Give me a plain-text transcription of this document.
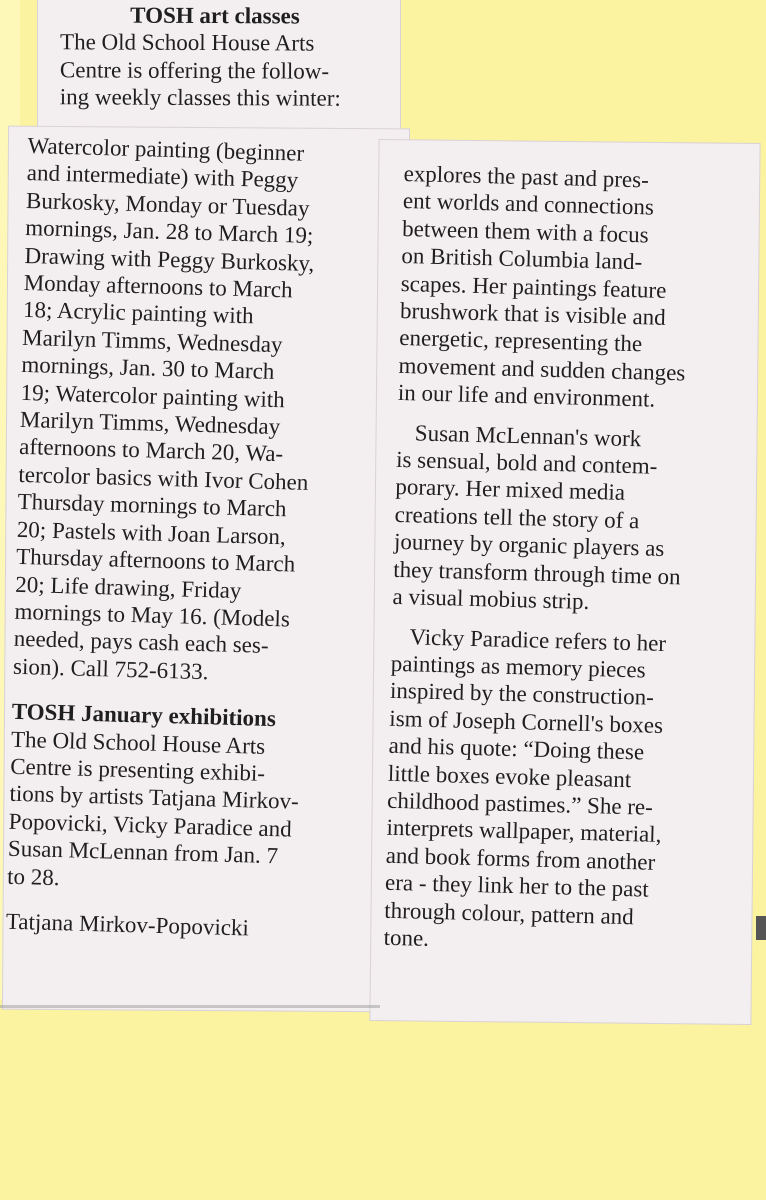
TOSH art classes
The Old School House Arts
Centre is offering the follow-
ing weekly classes this winter:
Watercolor painting (beginner
and intermediate) with Peggy
Burkosky, Monday or Tuesday
mornings, Jan. 28 to March 19;
Drawing with Peggy Burkosky,
Monday afternoons to March
18; Acrylic painting with
Marilyn Timms, Wednesday
mornings, Jan. 30 to March
19; Watercolor painting with
Marilyn Timms, Wednesday
afternoons to March 20, Wa-
tercolor basics with Ivor Cohen
Thursday mornings to March
20; Pastels with Joan Larson,
Thursday afternoons to March
20; Life drawing, Friday
mornings to May 16. (Models
needed, pays cash each ses-
sion). Call 752-6133.
TOSH January exhibitions
The Old School House Arts
Centre is presenting exhibi-
tions by artists Tatjana Mirkov-
Popovicki, Vicky Paradice and
Susan McLennan from Jan. 7
to 28.
Tatjana Mirkov-Popovicki
explores the past and pres-
ent worlds and connections
between them with a focus
on British Columbia land-
scapes. Her paintings feature
brushwork that is visible and
energetic, representing the
movement and sudden changes
in our life and environment.
Susan McLennan's work
is sensual, bold and contem-
porary. Her mixed media
creations tell the story of a
journey by organic players as
they transform through time on
a visual mobius strip.
Vicky Paradice refers to her
paintings as memory pieces
inspired by the construction-
ism of Joseph Cornell's boxes
and his quote: “Doing these
little boxes evoke pleasant
childhood pastimes.” She re-
interprets wallpaper, material,
and book forms from another
era - they link her to the past
through colour, pattern and
tone.
